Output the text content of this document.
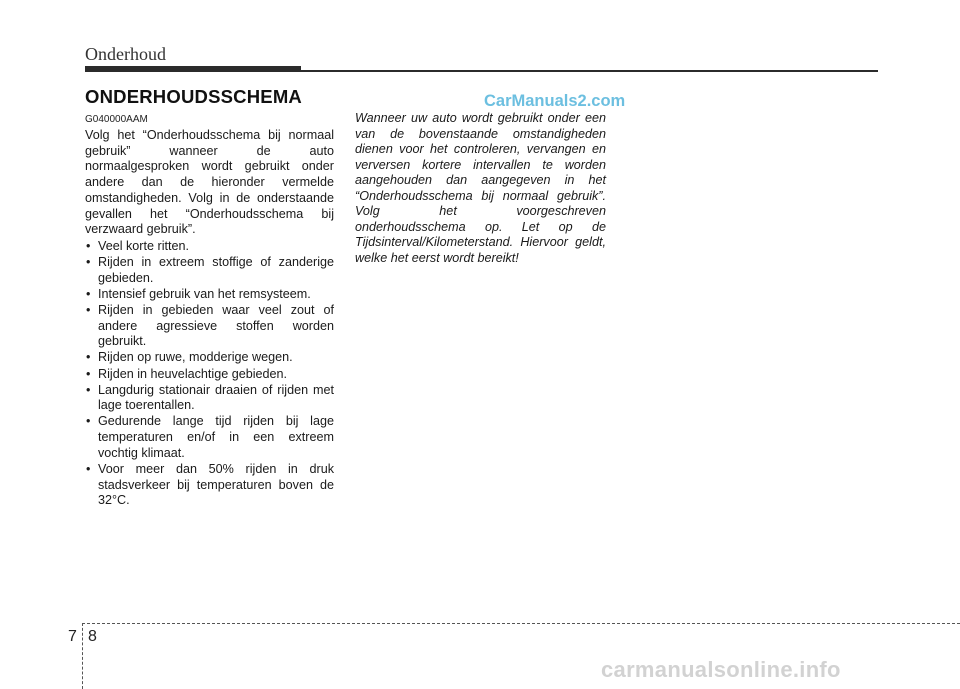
Onderhoud
ONDERHOUDSSCHEMA	CarManuals2.com
G040000AAM

Volg het “Onderhoudsschema bij normaal gebruik” wanneer de auto normaalgesproken wordt gebruikt onder andere dan de hieronder vermelde omstandigheden. Volg in de onderstaande gevallen het “Onderhoudsschema bij verzwaard gebruik”.

• Veel korte ritten.
• Rijden in extreem stoffige of zanderige gebieden.
• Intensief gebruik van het remsysteem.
• Rijden in gebieden waar veel zout of andere agressieve stoffen worden gebruikt.
• Rijden op ruwe, modderige wegen.
• Rijden in heuvelachtige gebieden.
• Langdurig stationair draaien of rijden met lage toerentallen.
• Gedurende lange tijd rijden bij lage temperaturen en/of in een extreem vochtig klimaat.
• Voor meer dan 50% rijden in druk stadsverkeer bij temperaturen boven de 32°C.

Wanneer uw auto wordt gebruikt onder een van de bovenstaande omstandigheden dienen voor het controleren, vervangen en verversen kortere intervallen te worden aangehouden dan aangegeven in het “Onderhoudsschema bij normaal gebruik”. Volg het voorgeschreven onderhoudsschema op. Let op de Tijdsinterval/Kilometerstand. Hiervoor geldt, welke het eerst wordt bereikt!

7 8
carmanualsonline.info
